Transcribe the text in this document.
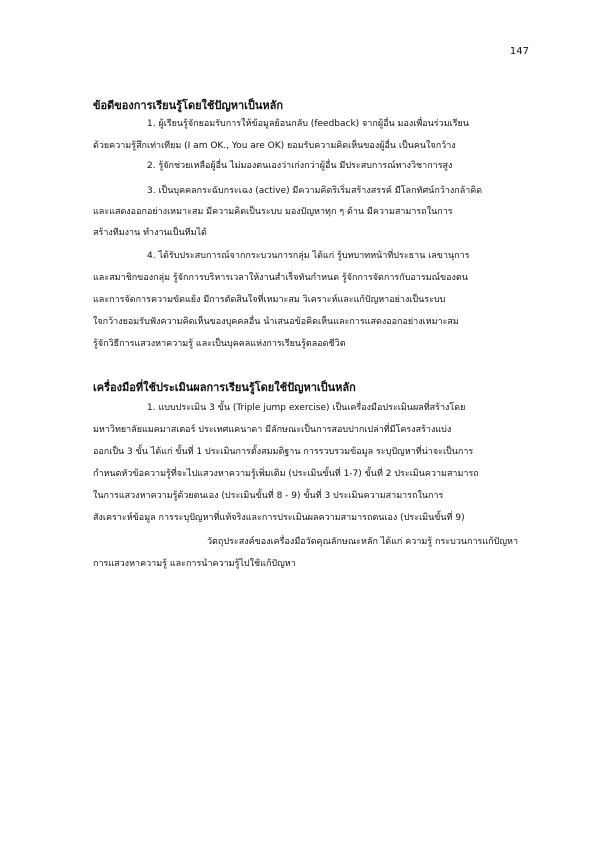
147
ข้อดีของการเรียนรู้โดยใช้ปัญหาเป็นหลัก
1. ผู้เรียนรู้จักยอมรับการให้ข้อมูลย้อนกลับ (feedback) จากผู้อื่น มองเพื่อนร่วมเรียน
ด้วยความรู้สึกเท่าเทียม (I am OK., You are OK) ยอมรับความคิดเห็นของผู้อื่น เป็นคนใจกว้าง
2. รู้จักช่วยเหลือผู้อื่น ไม่มองตนเองว่าเก่งกว่าผู้อื่น มีประสบการณ์ทางวิชาการสูง
3. เป็นบุคคลกระฉับกระเฉง (active) มีความคิดริเริ่มสร้างสรรค์ มีโลกทัศน์กว้างกล้าคิด
และแสดงออกอย่างเหมาะสม มีความคิดเป็นระบบ มองปัญหาทุก ๆ ด้าน มีความสามารถในการ
สร้างทีมงาน ทำงานเป็นทีมได้
4. ได้รับประสบการณ์จากกระบวนการกลุ่ม ได้แก่ รู้บทบาทหน้าที่ประธาน เลขานุการ
และสมาชิกของกลุ่ม รู้จักการบริหารเวลาให้งานสำเร็จทันกำหนด รู้จักการจัดการกับอารมณ์ของตน
และการจัดการความขัดแย้ง มีการตัดสินใจที่เหมาะสม วิเคราะห์และแก้ปัญหาอย่างเป็นระบบ
ใจกว้างยอมรับฟังความคิดเห็นของบุคคลอื่น นำเสนอข้อคิดเห็นและการแสดงออกอย่างเหมาะสม
รู้จักวิธีการแสวงหาความรู้ และเป็นบุคคลแห่งการเรียนรู้ตลอดชีวิต
เครื่องมือที่ใช้ประเมินผลการเรียนรู้โดยใช้ปัญหาเป็นหลัก
1. แบบประเมิน 3 ขั้น (Triple jump exercise) เป็นเครื่องมือประเมินผลที่สร้างโดย
มหาวิทยาลัยแมคมาสเตอร์ ประเทศแคนาดา มีลักษณะเป็นการสอบปากเปล่าที่มีโครงสร้างแบ่ง
ออกเป็น 3 ขั้น ได้แก่ ขั้นที่ 1 ประเมินการตั้งสมมติฐาน การรวบรวมข้อมูล ระบุปัญหาที่น่าจะเป็นการ
กำหนดหัวข้อความรู้ที่จะไปแสวงหาความรู้เพิ่มเติม (ประเมินขั้นที่ 1-7) ขั้นที่ 2 ประเมินความสามารถ
ในการแสวงหาความรู้ด้วยตนเอง (ประเมินขั้นที่ 8 - 9) ขั้นที่ 3 ประเมินความสามารถในการ
สังเคราะห์ข้อมูล การระบุปัญหาที่แท้จริงและการประเมินผลความสามารถตนเอง (ประเมินขั้นที่ 9)
วัตถุประสงค์ของเครื่องมือวัดคุณลักษณะหลัก ได้แก่ ความรู้ กระบวนการแก้ปัญหา
การแสวงหาความรู้ และการนำความรู้ไปใช้แก้ปัญหา
